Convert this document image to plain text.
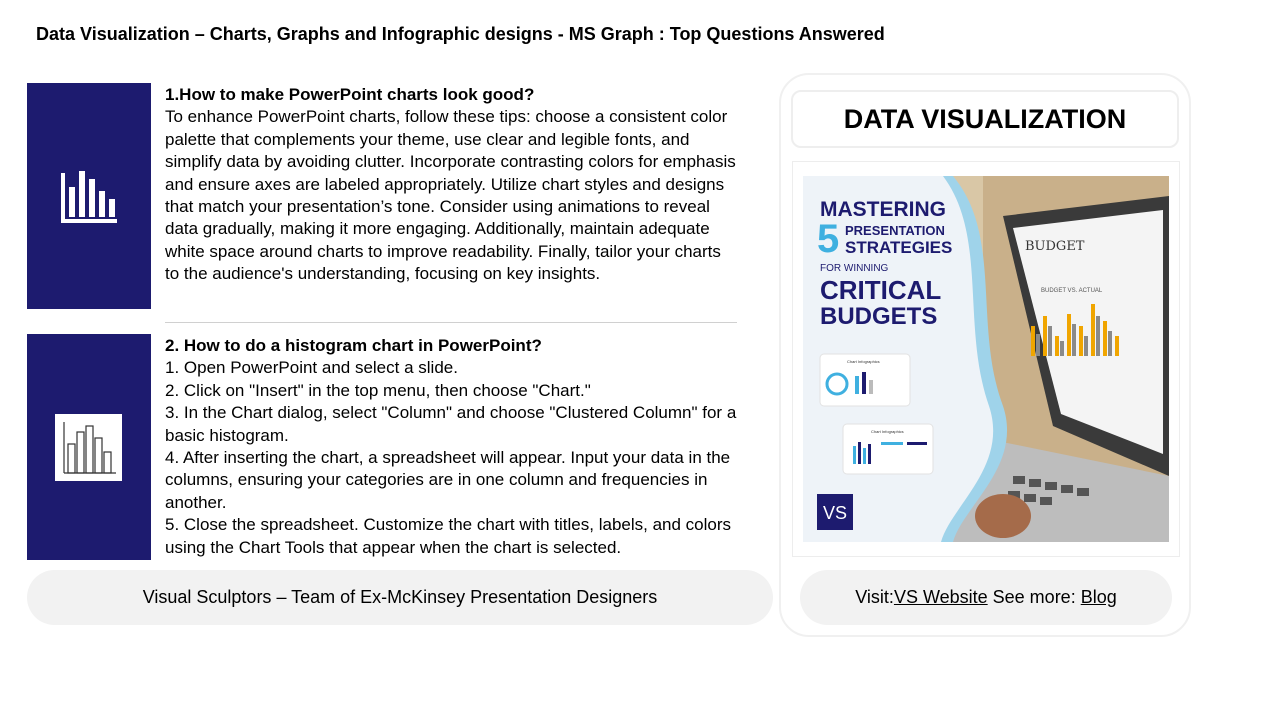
Data Visualization – Charts, Graphs and Infographic designs - MS Graph : Top Questions Answered
1.How to make PowerPoint charts look good?
To enhance PowerPoint charts, follow these tips: choose a consistent color palette that complements your theme, use clear and legible fonts, and simplify data by avoiding clutter. Incorporate contrasting colors for emphasis and ensure axes are labeled appropriately. Utilize chart styles and designs that match your presentation’s tone. Consider using animations to reveal data gradually, making it more engaging. Additionally, maintain adequate white space around charts to improve readability. Finally, tailor your charts to the audience's understanding, focusing on key insights.
2. How to do a histogram chart in PowerPoint?
1. Open PowerPoint and select a slide.
2. Click on "Insert" in the top menu, then choose "Chart."
3. In the Chart dialog, select "Column" and choose "Clustered Column" for a basic histogram.
4. After inserting the chart, a spreadsheet will appear. Input your data in the columns, ensuring your categories are in one column and frequencies in another.
5. Close the spreadsheet. Customize the chart with titles, labels, and colors using the Chart Tools that appear when the chart is selected.
Visual Sculptors – Team of Ex-McKinsey Presentation Designers
DATA VISUALIZATION
BUDGET
BUDGET VS. ACTUAL
MASTERING
5 PRESENTATION
STRATEGIES
FOR WINNING
CRITICAL
BUDGETS
Chart Infographics
Chart Infographics
VS
Visit: VS Website See more: Blog
